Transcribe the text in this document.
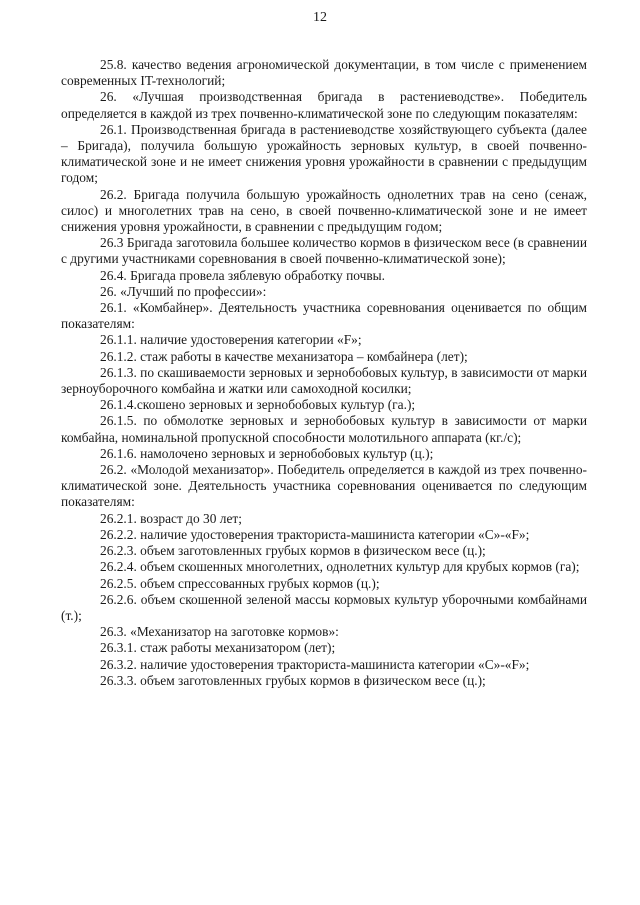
12

25.8. качество ведения агрономической документации, в том числе с применением современных IT-технологий;

26. «Лучшая производственная бригада в растениеводстве». Победитель определяется в каждой из трех почвенно-климатической зоне по следующим показателям:

26.1. Производственная бригада в растениеводстве хозяйствующего субъекта (далее – Бригада), получила большую урожайность зерновых культур, в своей почвенно-климатической зоне и не имеет снижения уровня урожайности в сравнении с предыдущим годом;

26.2. Бригада получила большую урожайность однолетних трав на сено (сенаж, силос) и многолетних трав на сено, в своей почвенно-климатической зоне и не имеет снижения уровня урожайности, в сравнении с предыдущим годом;

26.3 Бригада заготовила большее количество кормов в физическом весе (в сравнении с другими участниками соревнования в своей почвенно-климатической зоне);

26.4. Бригада провела зяблевую обработку почвы.

26. «Лучший по профессии»:

26.1. «Комбайнер». Деятельность участника соревнования оценивается по общим показателям:

26.1.1. наличие удостоверения категории «F»;

26.1.2. стаж работы в качестве механизатора – комбайнера (лет);

26.1.3. по скашиваемости зерновых и зернобобовых культур, в зависимости от марки зерноуборочного комбайна и жатки или самоходной косилки;

26.1.4.скошено зерновых и зернобобовых культур (га.);

26.1.5. по обмолотке зерновых и зернобобовых культур в зависимости от марки комбайна, номинальной пропускной способности молотильного аппарата (кг./с);

26.1.6. намолочено зерновых и зернобобовых культур (ц.);

26.2. «Молодой механизатор». Победитель определяется в каждой из трех почвенно-климатической зоне. Деятельность участника соревнования оценивается по следующим показателям:

26.2.1. возраст до 30 лет;

26.2.2. наличие удостоверения тракториста-машиниста категории «С»-«F»;

26.2.3. объем заготовленных грубых кормов в физическом весе (ц.);

26.2.4. объем скошенных многолетних, однолетних культур для крубых кормов (га);

26.2.5. объем спрессованных грубых кормов (ц.);

26.2.6. объем скошенной зеленой массы кормовых культур уборочными комбайнами (т.);

26.3. «Механизатор на заготовке кормов»:

26.3.1. стаж работы механизатором (лет);

26.3.2. наличие удостоверения тракториста-машиниста категории «С»-«F»;

26.3.3. объем заготовленных грубых кормов в физическом весе (ц.);
